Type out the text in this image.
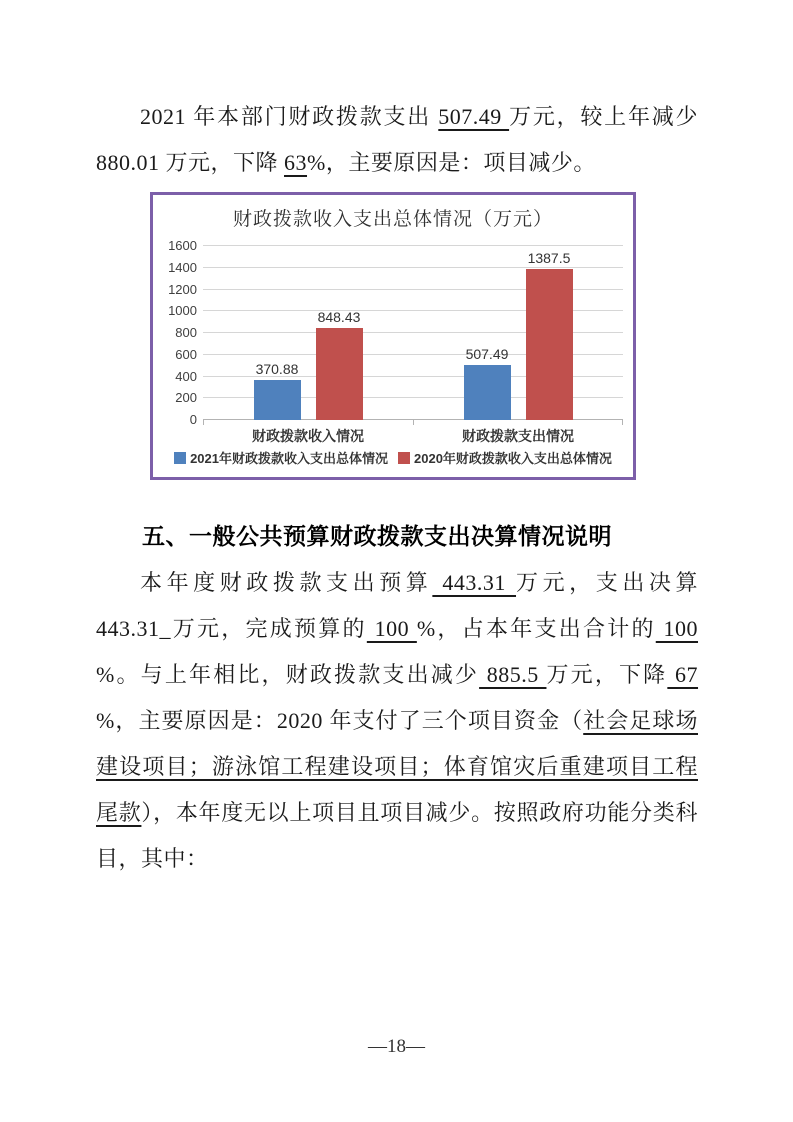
2021 年本部门财政拨款支出 507.49 万元，较上年减少 880.01 万元，下降 63%，主要原因是：项目减少。

财政拨款收入支出总体情况（万元）
0
200
400
600
800
1000
1200
1400
1600
370.88
848.43
507.49
1387.5
财政拨款收入情况	财政拨款支出情况
2021年财政拨款收入支出总体情况 2020年财政拨款收入支出总体情况
五、一般公共预算财政拨款支出决算情况说明

本年度财政拨款支出预算 443.31 万元，支出决算 443.31_万元，完成预算的 100 %，占本年支出合计的 100 %。与上年相比，财政拨款支出减少 885.5 万元，下降 67 %，主要原因是：2020 年支付了三个项目资金（社会足球场建设项目；游泳馆工程建设项目；体育馆灾后重建项目工程尾款），本年度无以上项目且项目减少。按照政府功能分类科目，其中：

—18—
